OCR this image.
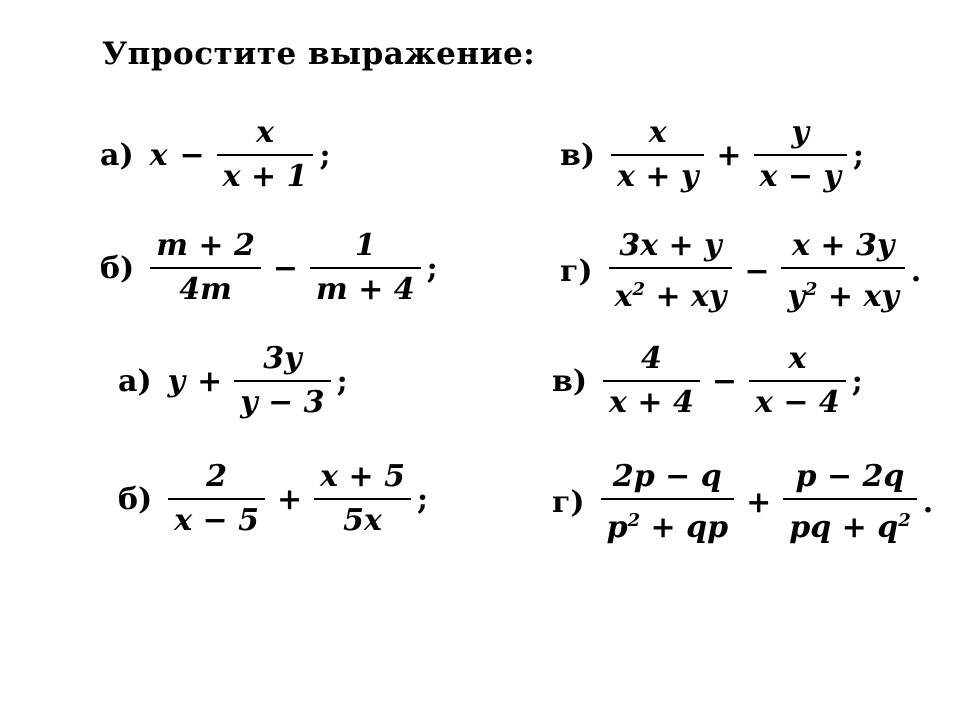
Упростите выражение:
а) $x - \frac{x}{x + 1}$ ;	$в) \frac{x}{x + y} + \frac{y}{x - y}$ ;
$б) \frac{m + 2}{4m} - \frac{1}{m + 4}$ ;	$г) \frac{3x + y}{x^2 + xy} - \frac{x + 3y}{y^2 + xy}$ .
а) $y + \frac{3y}{y - 3}$ ;	$в) \frac{4}{x + 4} - \frac{x}{x - 4}$ ;
$б) \frac{2}{x - 5} + \frac{x + 5}{5x}$ ;	$г) \frac{2p - q}{p^2 + qp} + \frac{p - 2q}{pq + q^2}$ .
